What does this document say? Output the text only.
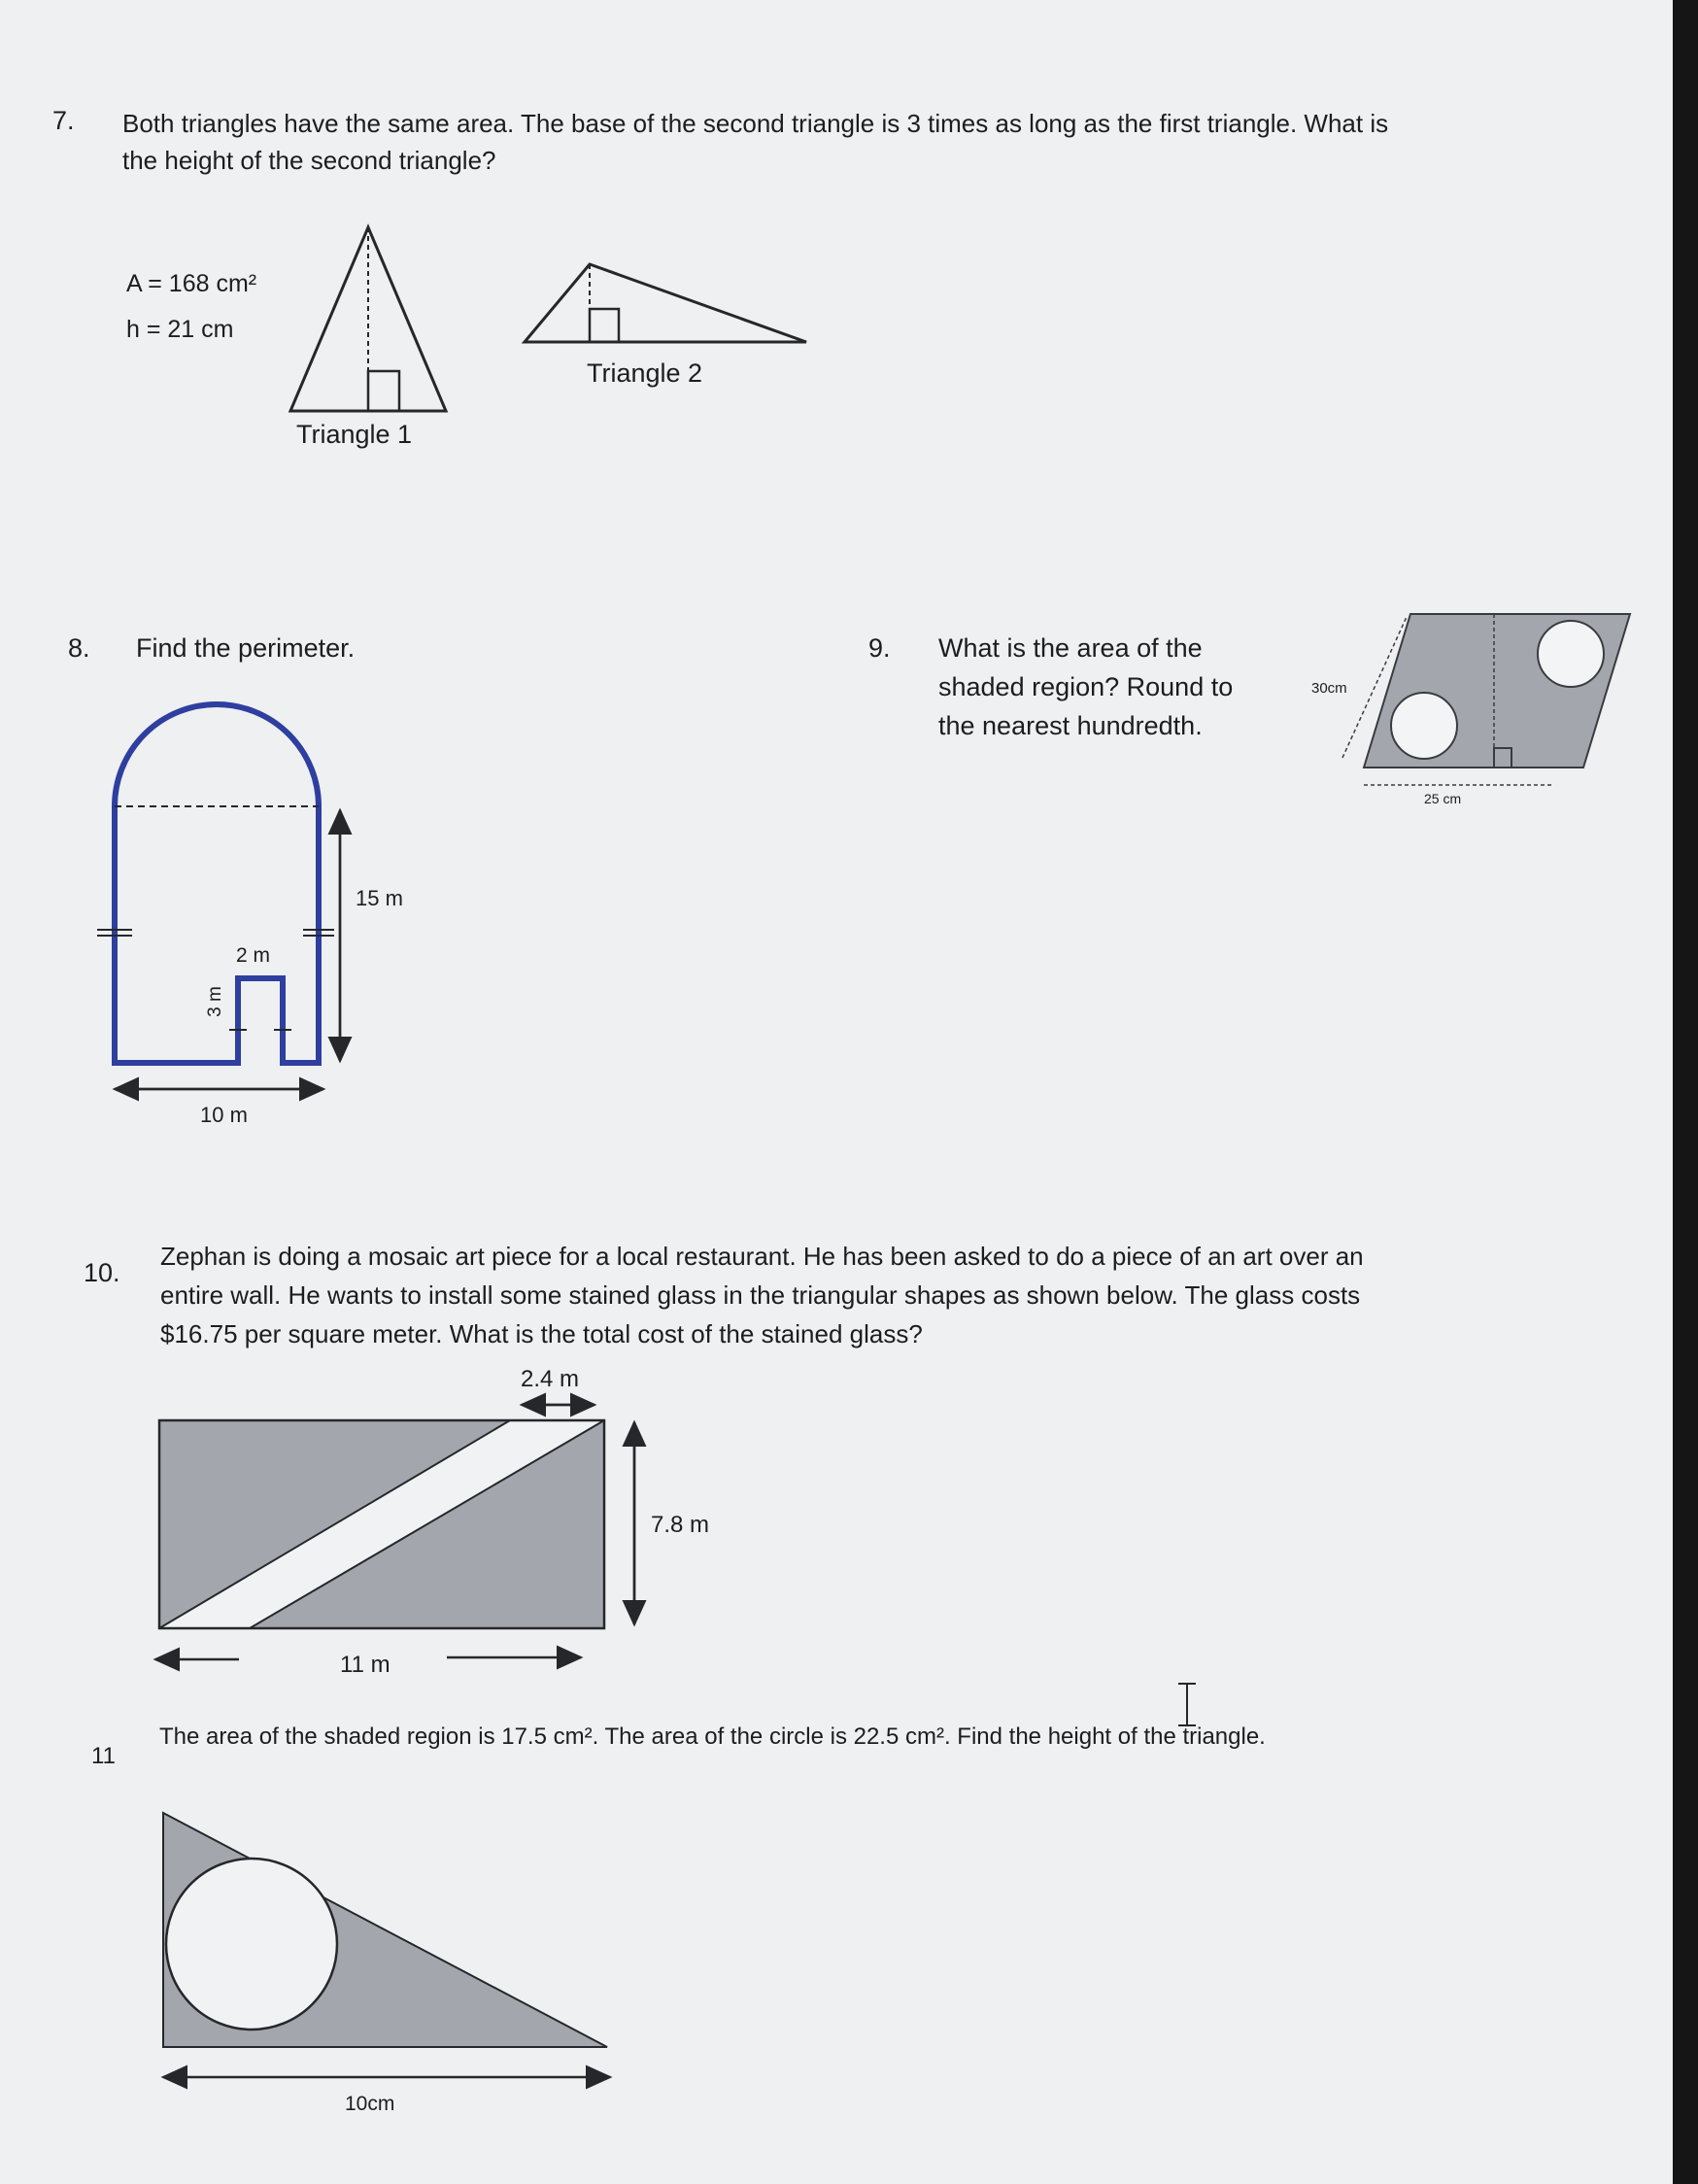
7. Both triangles have the same area. The base of the second triangle is 3 times as long as the first triangle. What is
the height of the second triangle?
A = 168 cm²
h = 21 cm
Triangle 1
Triangle 2
8. Find the perimeter.
15 m
10 m
2 m
3 m
9. What is the area of the
shaded region? Round to
the nearest hundredth.
30cm
25 cm
10.
Zephan is doing a mosaic art piece for a local restaurant. He has been asked to do a piece of an art over an
entire wall. He wants to install some stained glass in the triangular shapes as shown below. The glass costs
$16.75 per square meter. What is the total cost of the stained glass?
2.4 m
7.8 m
11 m
11
The area of the shaded region is 17.5 cm². The area of the circle is 22.5 cm². Find the height of the triangle.
10cm
